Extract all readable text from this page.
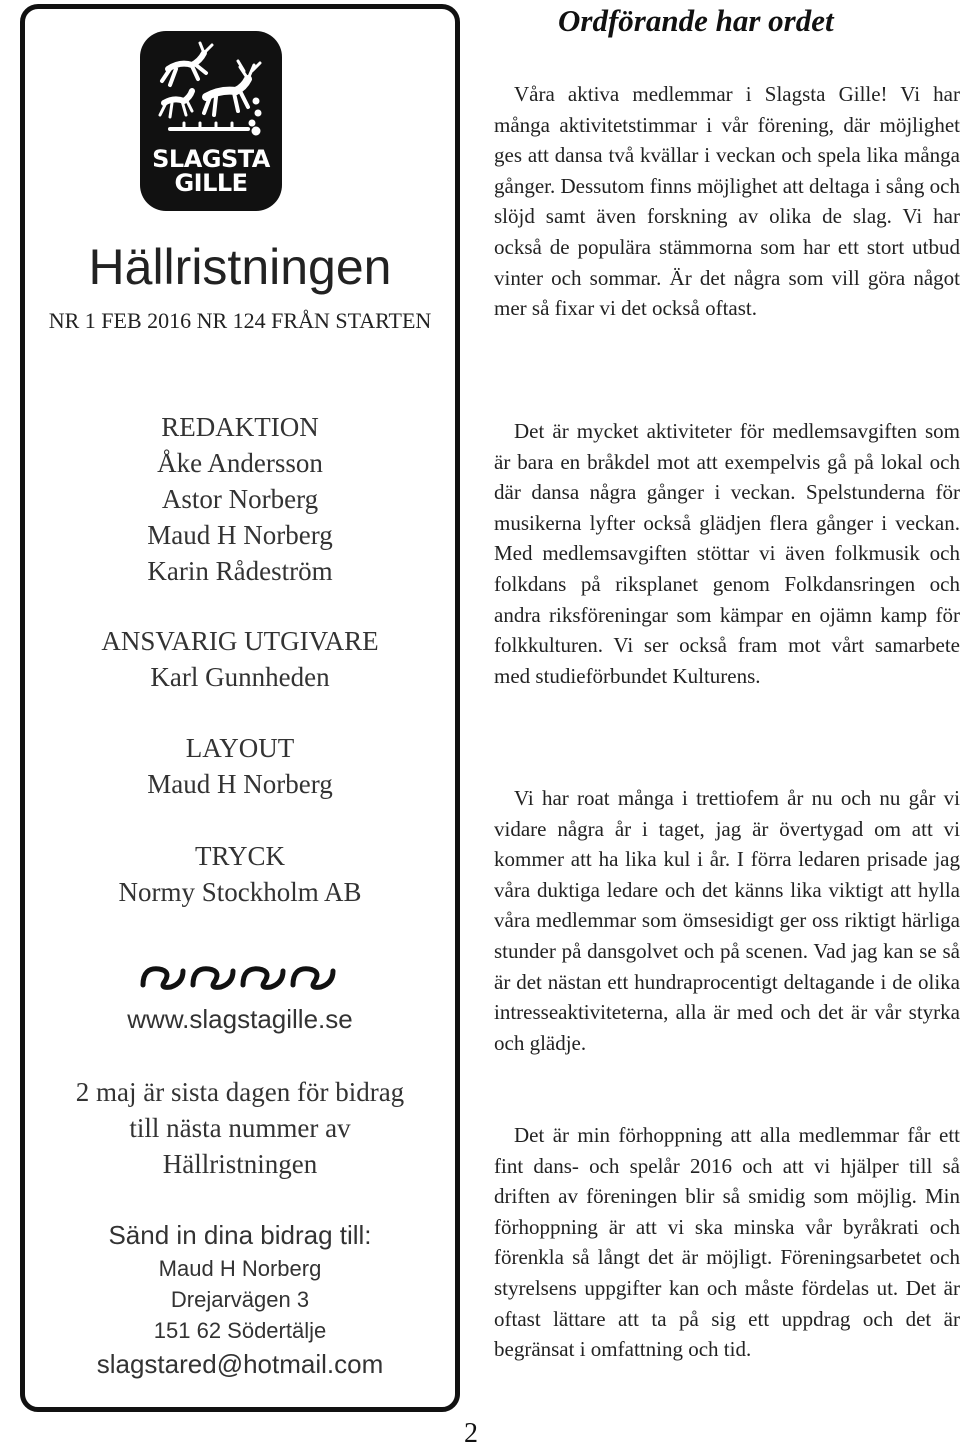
SLAGSTA
GILLE
Hällristningen
NR 1 FEB 2016 NR 124 FRÅN STARTEN
REDAKTION
Åke Andersson
Astor Norberg
Maud H Norberg
Karin Rådeström
ANSVARIG UTGIVARE
Karl Gunnheden
LAYOUT
Maud H Norberg
TRYCK
Normy Stockholm AB
www.slagstagille.se
2 maj är sista dagen för bidrag
till nästa nummer av
Hällristningen
Sänd in dina bidrag till:
Maud H Norberg
Drejarvägen 3
151 62 Södertälje
slagstared@hotmail.com
Ordförande har ordet

Våra aktiva medlemmar i Slagsta Gille! Vi har många aktivitetstimmar i vår förening, där möjlighet ges att dansa två kvällar i veckan och spela lika många gånger. Dessutom finns möjlighet att deltaga i sång och slöjd samt även forskning av olika de slag. Vi har också de populära stämmorna som har ett stort utbud vinter och sommar. Är det några som vill göra något mer så fixar vi det också oftast.

Det är mycket aktiviteter för medlemsavgiften som är bara en bråkdel mot att exempelvis gå på lokal och där dansa några gånger i veckan. Spelstunderna för musikerna lyfter också glädjen flera gånger i veckan. Med medlemsavgiften stöttar vi även folkmusik och folkdans på riksplanet genom Folkdansringen och andra riksföreningar som kämpar en ojämn kamp för folkkulturen. Vi ser också fram mot vårt samarbete med studieförbundet Kulturens.

Vi har roat många i trettiofem år nu och nu går vi vidare några år i taget, jag är övertygad om att vi kommer att ha lika kul i år. I förra ledaren prisade jag våra duktiga ledare och det känns lika viktigt att hylla våra medlemmar som ömsesidigt ger oss riktigt härliga stunder på dansgolvet och på scenen. Vad jag kan se så är det nästan ett hundraprocentigt deltagande i de olika intresseaktiviteterna, alla är med och det är vår styrka och glädje.

Det är min förhoppning att alla medlemmar får ett fint dans- och spelår 2016 och att vi hjälper till så driften av föreningen blir så smidig som möjlig. Min förhoppning är att vi ska minska vår byråkrati och förenkla så långt det är möjligt. Föreningsarbetet och styrelsens uppgifter kan och måste fördelas ut. Det är oftast lättare att ta på sig ett uppdrag och det är begränsat i omfattning och tid.

2
